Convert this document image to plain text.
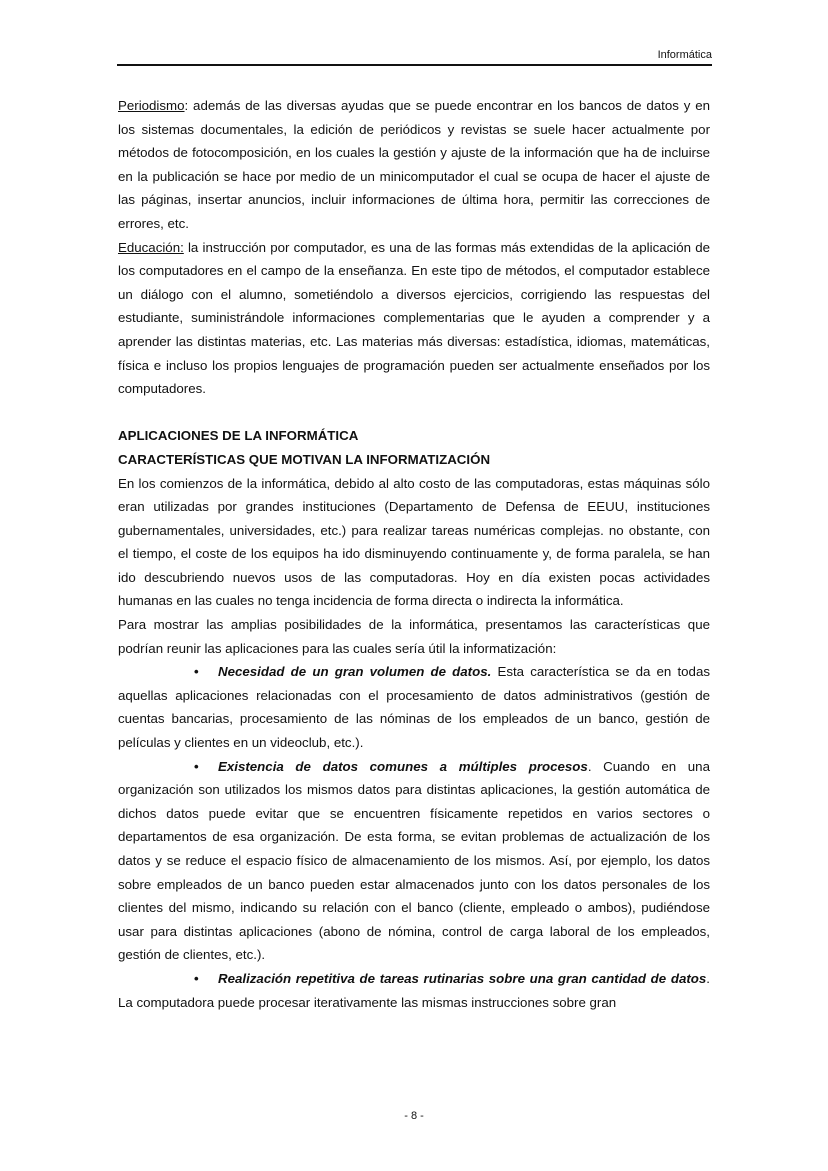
Informática

Periodismo: además de las diversas ayudas que se puede encontrar en los bancos de datos y en los sistemas documentales, la edición de periódicos y revistas se suele hacer actualmente por métodos de fotocomposición, en los cuales la gestión y ajuste de la información que ha de incluirse en la publicación se hace por medio de un minicomputador el cual se ocupa de hacer el ajuste de las páginas, insertar anuncios, incluir informaciones de última hora, permitir las correcciones de errores, etc.

Educación: la instrucción por computador, es una de las formas más extendidas de la aplicación de los computadores en el campo de la enseñanza. En este tipo de métodos, el computador establece un diálogo con el alumno, sometiéndolo a diversos ejercicios, corrigiendo las respuestas del estudiante, suministrándole informaciones complementarias que le ayuden a comprender y a aprender las distintas materias, etc. Las materias más diversas: estadística, idiomas, matemáticas, física e incluso los propios lenguajes de programación pueden ser actualmente enseñados por los computadores.

APLICACIONES DE LA INFORMÁTICA
CARACTERÍSTICAS QUE MOTIVAN LA INFORMATIZACIÓN

En los comienzos de la informática, debido al alto costo de las computadoras, estas máquinas sólo eran utilizadas por grandes instituciones (Departamento de Defensa de EEUU, instituciones gubernamentales, universidades, etc.) para realizar tareas numéricas complejas. no obstante, con el tiempo, el coste de los equipos ha ido disminuyendo continuamente y, de forma paralela, se han ido descubriendo nuevos usos de las computadoras. Hoy en día existen pocas actividades humanas en las cuales no tenga incidencia de forma directa o indirecta la informática.

Para mostrar las amplias posibilidades de la informática, presentamos las características que podrían reunir las aplicaciones para las cuales sería útil la informatización:

• Necesidad de un gran volumen de datos. Esta característica se da en todas aquellas aplicaciones relacionadas con el procesamiento de datos administrativos (gestión de cuentas bancarias, procesamiento de las nóminas de los empleados de un banco, gestión de películas y clientes en un videoclub, etc.).

• Existencia de datos comunes a múltiples procesos. Cuando en una organización son utilizados los mismos datos para distintas aplicaciones, la gestión automática de dichos datos puede evitar que se encuentren físicamente repetidos en varios sectores o departamentos de esa organización. De esta forma, se evitan problemas de actualización de los datos y se reduce el espacio físico de almacenamiento de los mismos. Así, por ejemplo, los datos sobre empleados de un banco pueden estar almacenados junto con los datos personales de los clientes del mismo, indicando su relación con el banco (cliente, empleado o ambos), pudiéndose usar para distintas aplicaciones (abono de nómina, control de carga laboral de los empleados, gestión de clientes, etc.).

• Realización repetitiva de tareas rutinarias sobre una gran cantidad de datos. La computadora puede procesar iterativamente las mismas instrucciones sobre gran

- 8 -
